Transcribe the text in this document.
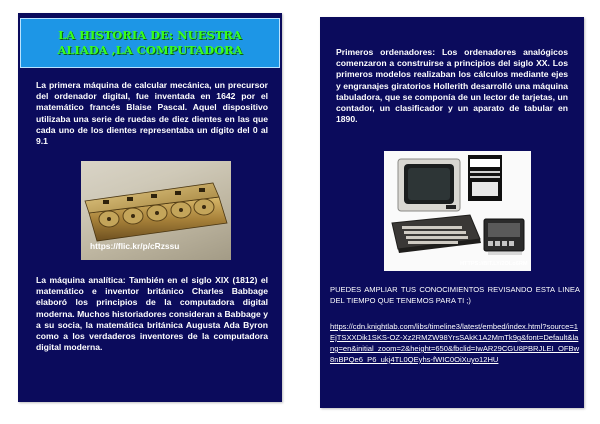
LA HISTORIA DE: NUESTRA ALIADA ,LA COMPUTADORA
La primera máquina de calcular mecánica, un precursor del ordenador digital, fue inventada en 1642 por el matemático francés Blaise Pascal. Aquel dispositivo utilizaba una serie de ruedas de diez dientes en las que cada uno de los dientes representaba un dígito del 0 al 9.1
https://flic.kr/p/cRzssu
La máquina analítica: También en el siglo XIX (1812) el matemático e inventor británico Charles Babbage elaboró los principios de la computadora digital moderna. Muchos historiadores consideran a Babbage y a su socia, la matemática británica Augusta Ada Byron como a los verdaderos inventores de la computadora digital moderna.
Primeros ordenadores: Los ordenadores analógicos comenzaron a construirse a principios del siglo XX. Los primeros modelos realizaban los cálculos mediante ejes y engranajes giratorios Hollerith desarrolló una máquina tabuladora, que se componía de un lector de tarjetas, un contador, un clasificador y un aparato de tabular en 1890.
HTTPS://BIT.LY/2OLo6RM
PUEDES AMPLIAR TUS CONOCIMIENTOS REVISANDO ESTA LINEA DEL TIEMPO QUE TENEMOS PARA TI ;)
https://cdn.knightlab.com/libs/timeline3/latest/embed/index.html?source=1EjTSXXDik1SKS-OZ-Xz2RMZW98YrsSAkK1A2MmTk9g&font=Default&lang=en&initial_zoom=2&height=650&fbclid=IwAR29CGU8PBRJLEI_OFBw8nBPQe6_P6_ukj4TL0QEyhs-fWIC0OiXuyo12HU
